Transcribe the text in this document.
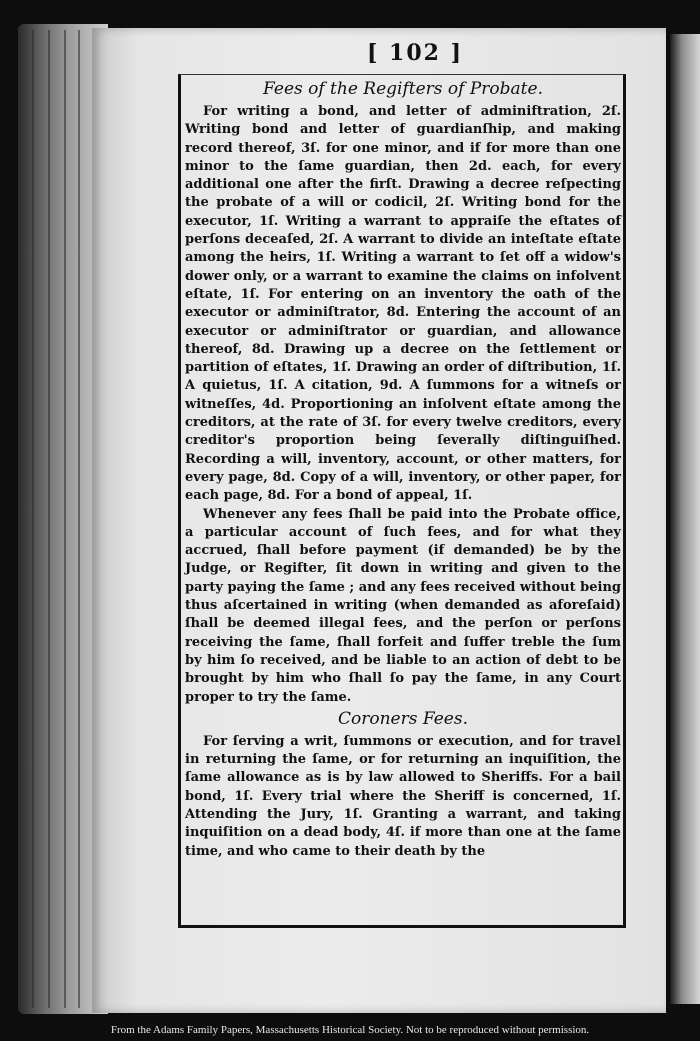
[ 102 ]
Fees of the Regifters of Probate.

For writing a bond, and letter of adminiftration, 2ſ. Writing bond and letter of guardianſhip, and making record thereof, 3ſ. for one minor, and if for more than one minor to the ſame guardian, then 2d. each, for every additional one after the firſt. Drawing a decree reſpecting the probate of a will or codicil, 2ſ. Writing bond for the executor, 1ſ. Writing a warrant to appraiſe the eſtates of perſons deceaſed, 2ſ. A warrant to divide an inteſtate eſtate among the heirs, 1ſ. Writing a warrant to ſet off a widow's dower only, or a warrant to examine the claims on infolvent eſtate, 1ſ. For entering on an inventory the oath of the executor or adminiſtrator, 8d. Entering the account of an executor or adminiſtrator or guardian, and allowance thereof, 8d. Drawing up a decree on the ſettlement or partition of eſtates, 1ſ. Drawing an order of diſtribution, 1ſ. A quietus, 1ſ. A citation, 9d. A ſummons for a witneſs or witneſſes, 4d. Proportioning an inſolvent eſtate among the creditors, at the rate of 3ſ. for every twelve creditors, every creditor's proportion being ſeverally diſtinguiſhed. Recording a will, inventory, account, or other matters, for every page, 8d. Copy of a will, inventory, or other paper, for each page, 8d. For a bond of appeal, 1ſ.

Whenever any fees ſhall be paid into the Probate office, a particular account of ſuch fees, and for what they accrued, ſhall before payment (if demanded) be by the Judge, or Regifter, ſit down in writing and given to the party paying the ſame ; and any fees received without being thus aſcertained in writing (when demanded as aforeſaid) ſhall be deemed illegal fees, and the perſon or perſons receiving the ſame, ſhall forfeit and ſuffer treble the ſum by him ſo received, and be liable to an action of debt to be brought by him who ſhall ſo pay the ſame, in any Court proper to try the ſame.

Coroners Fees.

For ſerving a writ, ſummons or execution, and for travel in returning the ſame, or for returning an inquiſition, the ſame allowance as is by law allowed to Sheriffs. For a bail bond, 1ſ. Every trial where the Sheriff is concerned, 1ſ. Attending the Jury, 1ſ. Granting a warrant, and taking inquiſition on a dead body, 4ſ. if more than one at the ſame time, and who came to their death by the

From the Adams Family Papers, Massachusetts Historical Society. Not to be reproduced without permission.
